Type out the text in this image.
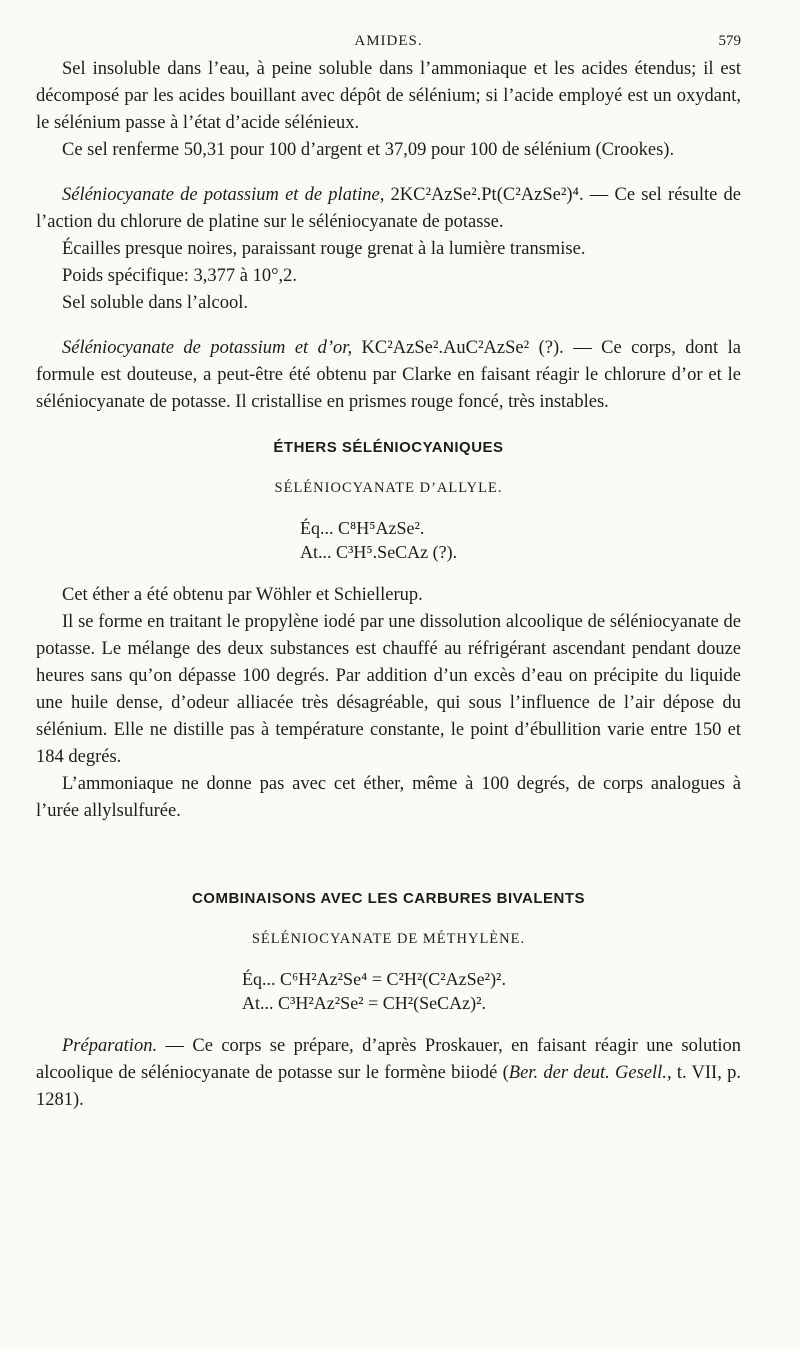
AMIDES.	579

Sel insoluble dans l’eau, à peine soluble dans l’ammoniaque et les acides étendus; il est décomposé par les acides bouillant avec dépôt de sélénium; si l’acide employé est un oxydant, le sélénium passe à l’état d’acide sélénieux.

Ce sel renferme 50,31 pour 100 d’argent et 37,09 pour 100 de sélénium (Crookes).

Séléniocyanate de potassium et de platine, 2KC²AzSe².Pt(C²AzSe²)⁴. — Ce sel résulte de l’action du chlorure de platine sur le séléniocyanate de potasse.

Écailles presque noires, paraissant rouge grenat à la lumière transmise.

Poids spécifique: 3,377 à 10°,2.

Sel soluble dans l’alcool.

Séléniocyanate de potassium et d’or, KC²AzSe².AuC²AzSe² (?). — Ce corps, dont la formule est douteuse, a peut-être été obtenu par Clarke en faisant réagir le chlorure d’or et le séléniocyanate de potasse. Il cristallise en prismes rouge foncé, très instables.

ÉTHERS SÉLÉNIOCYANIQUES
SÉLÉNIOCYANATE D’ALLYLE.
Éq... C⁸H⁵AzSe².
At... C³H⁵.SeCAz (?).

Cet éther a été obtenu par Wöhler et Schiellerup.

Il se forme en traitant le propylène iodé par une dissolution alcoolique de séléniocyanate de potasse. Le mélange des deux substances est chauffé au réfrigérant ascendant pendant douze heures sans qu’on dépasse 100 degrés. Par addition d’un excès d’eau on précipite du liquide une huile dense, d’odeur alliacée très désagréable, qui sous l’influence de l’air dépose du sélénium. Elle ne distille pas à température constante, le point d’ébullition varie entre 150 et 184 degrés.

L’ammoniaque ne donne pas avec cet éther, même à 100 degrés, de corps analogues à l’urée allylsulfurée.

COMBINAISONS AVEC LES CARBURES BIVALENTS
SÉLÉNIOCYANATE DE MÉTHYLÈNE.
Éq... C⁶H²Az²Se⁴ = C²H²(C²AzSe²)².
At... C³H²Az²Se² = CH²(SeCAz)².

Préparation. — Ce corps se prépare, d’après Proskauer, en faisant réagir une solution alcoolique de séléniocyanate de potasse sur le formène biiodé (Ber. der deut. Gesell., t. VII, p. 1281).
